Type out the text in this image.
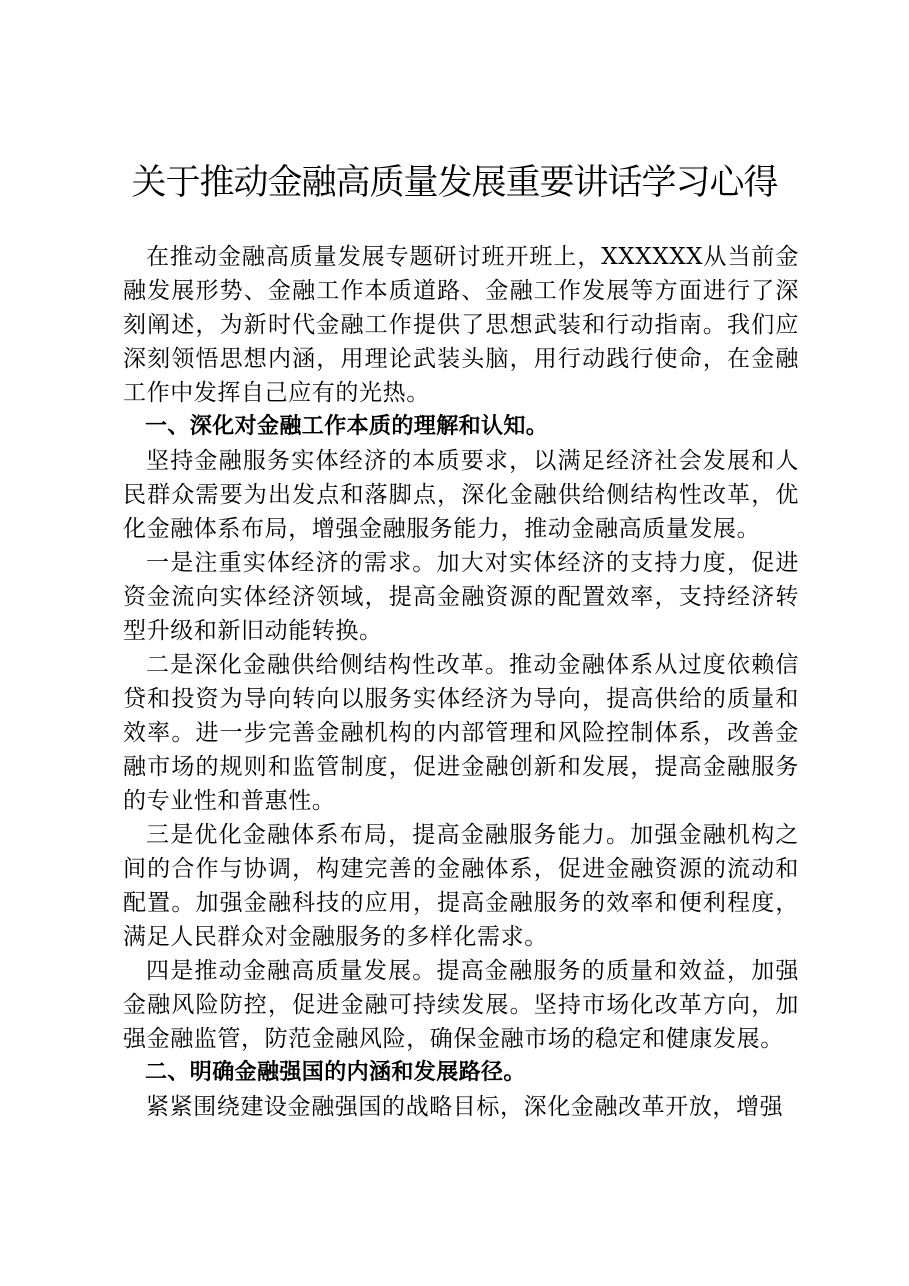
关于推动金融高质量发展重要讲话学习心得

在推动金融高质量发展专题研讨班开班上，XXXXXX从当前金融发展形势、金融工作本质道路、金融工作发展等方面进行了深刻阐述，为新时代金融工作提供了思想武装和行动指南。我们应深刻领悟思想内涵，用理论武装头脑，用行动践行使命，在金融工作中发挥自己应有的光热。

一、深化对金融工作本质的理解和认知。

坚持金融服务实体经济的本质要求，以满足经济社会发展和人民群众需要为出发点和落脚点，深化金融供给侧结构性改革，优化金融体系布局，增强金融服务能力，推动金融高质量发展。

一是注重实体经济的需求。加大对实体经济的支持力度，促进资金流向实体经济领域，提高金融资源的配置效率，支持经济转型升级和新旧动能转换。

二是深化金融供给侧结构性改革。推动金融体系从过度依赖信贷和投资为导向转向以服务实体经济为导向，提高供给的质量和效率。进一步完善金融机构的内部管理和风险控制体系，改善金融市场的规则和监管制度，促进金融创新和发展，提高金融服务的专业性和普惠性。

三是优化金融体系布局，提高金融服务能力。加强金融机构之间的合作与协调，构建完善的金融体系，促进金融资源的流动和配置。加强金融科技的应用，提高金融服务的效率和便利程度，满足人民群众对金融服务的多样化需求。

四是推动金融高质量发展。提高金融服务的质量和效益，加强金融风险防控，促进金融可持续发展。坚持市场化改革方向，加强金融监管，防范金融风险，确保金融市场的稳定和健康发展。

二、明确金融强国的内涵和发展路径。

紧紧围绕建设金融强国的战略目标，深化金融改革开放，增强
